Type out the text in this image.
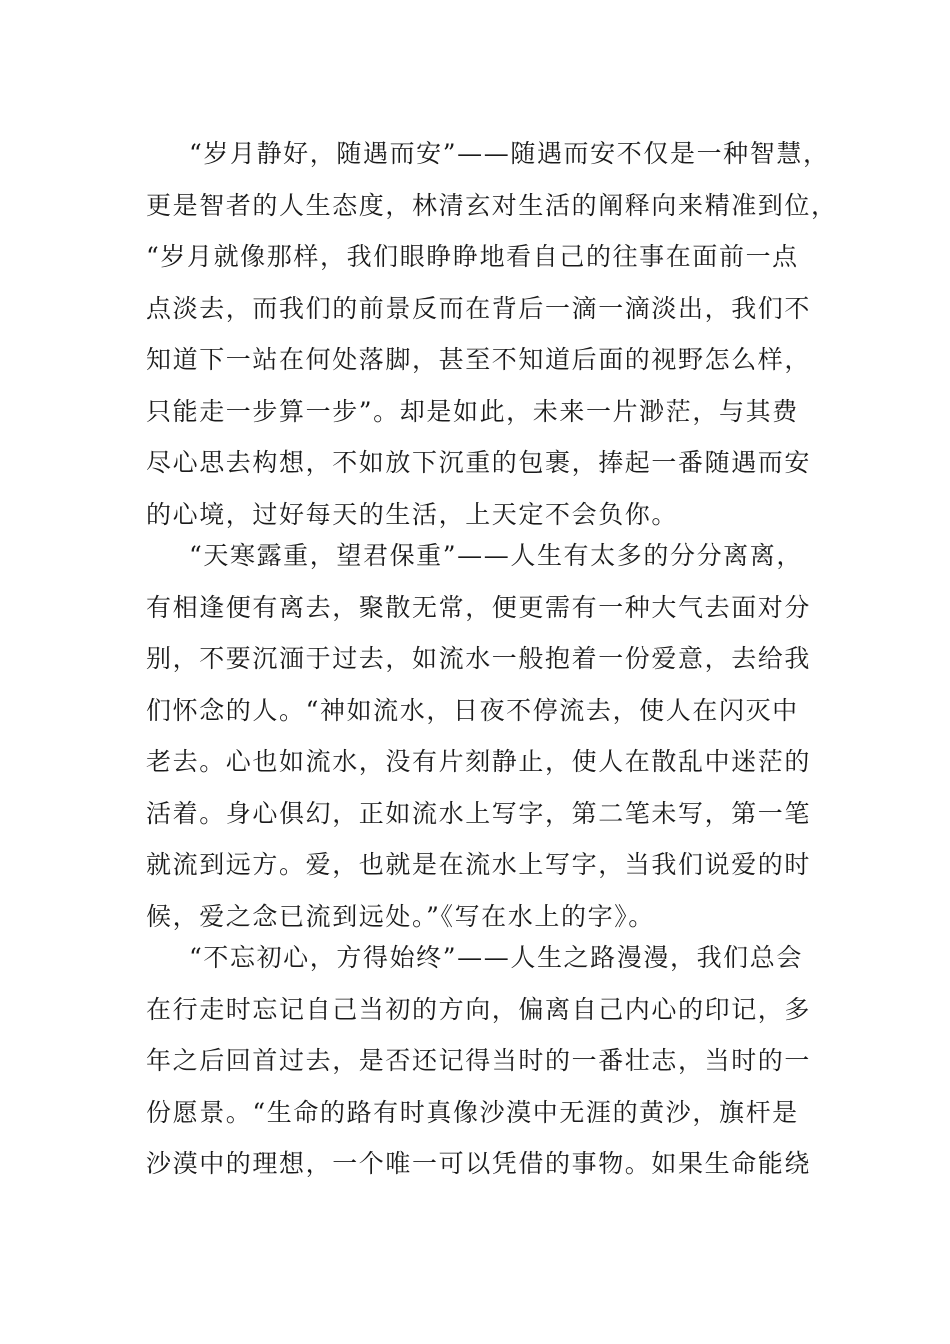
“岁月静好，随遇而安”——随遇而安不仅是一种智慧，
更是智者的人生态度，林清玄对生活的阐释向来精准到位，
“岁月就像那样，我们眼睁睁地看自己的往事在面前一点
点淡去，而我们的前景反而在背后一滴一滴淡出，我们不
知道下一站在何处落脚，甚至不知道后面的视野怎么样，
只能走一步算一步”。却是如此，未来一片渺茫，与其费
尽心思去构想，不如放下沉重的包裹，捧起一番随遇而安
的心境，过好每天的生活，上天定不会负你。
“天寒露重，望君保重”——人生有太多的分分离离，
有相逢便有离去，聚散无常，便更需有一种大气去面对分
别，不要沉湎于过去，如流水一般抱着一份爱意，去给我
们怀念的人。“神如流水，日夜不停流去，使人在闪灭中
老去。心也如流水，没有片刻静止，使人在散乱中迷茫的
活着。身心俱幻，正如流水上写字，第二笔未写，第一笔
就流到远方。爱，也就是在流水上写字，当我们说爱的时
候，爱之念已流到远处。”《写在水上的字》。
“不忘初心，方得始终”——人生之路漫漫，我们总会
在行走时忘记自己当初的方向，偏离自己内心的印记，多
年之后回首过去，是否还记得当时的一番壮志，当时的一
份愿景。“生命的路有时真像沙漠中无涯的黄沙，旗杆是
沙漠中的理想，一个唯一可以凭借的事物。如果生命能绕
